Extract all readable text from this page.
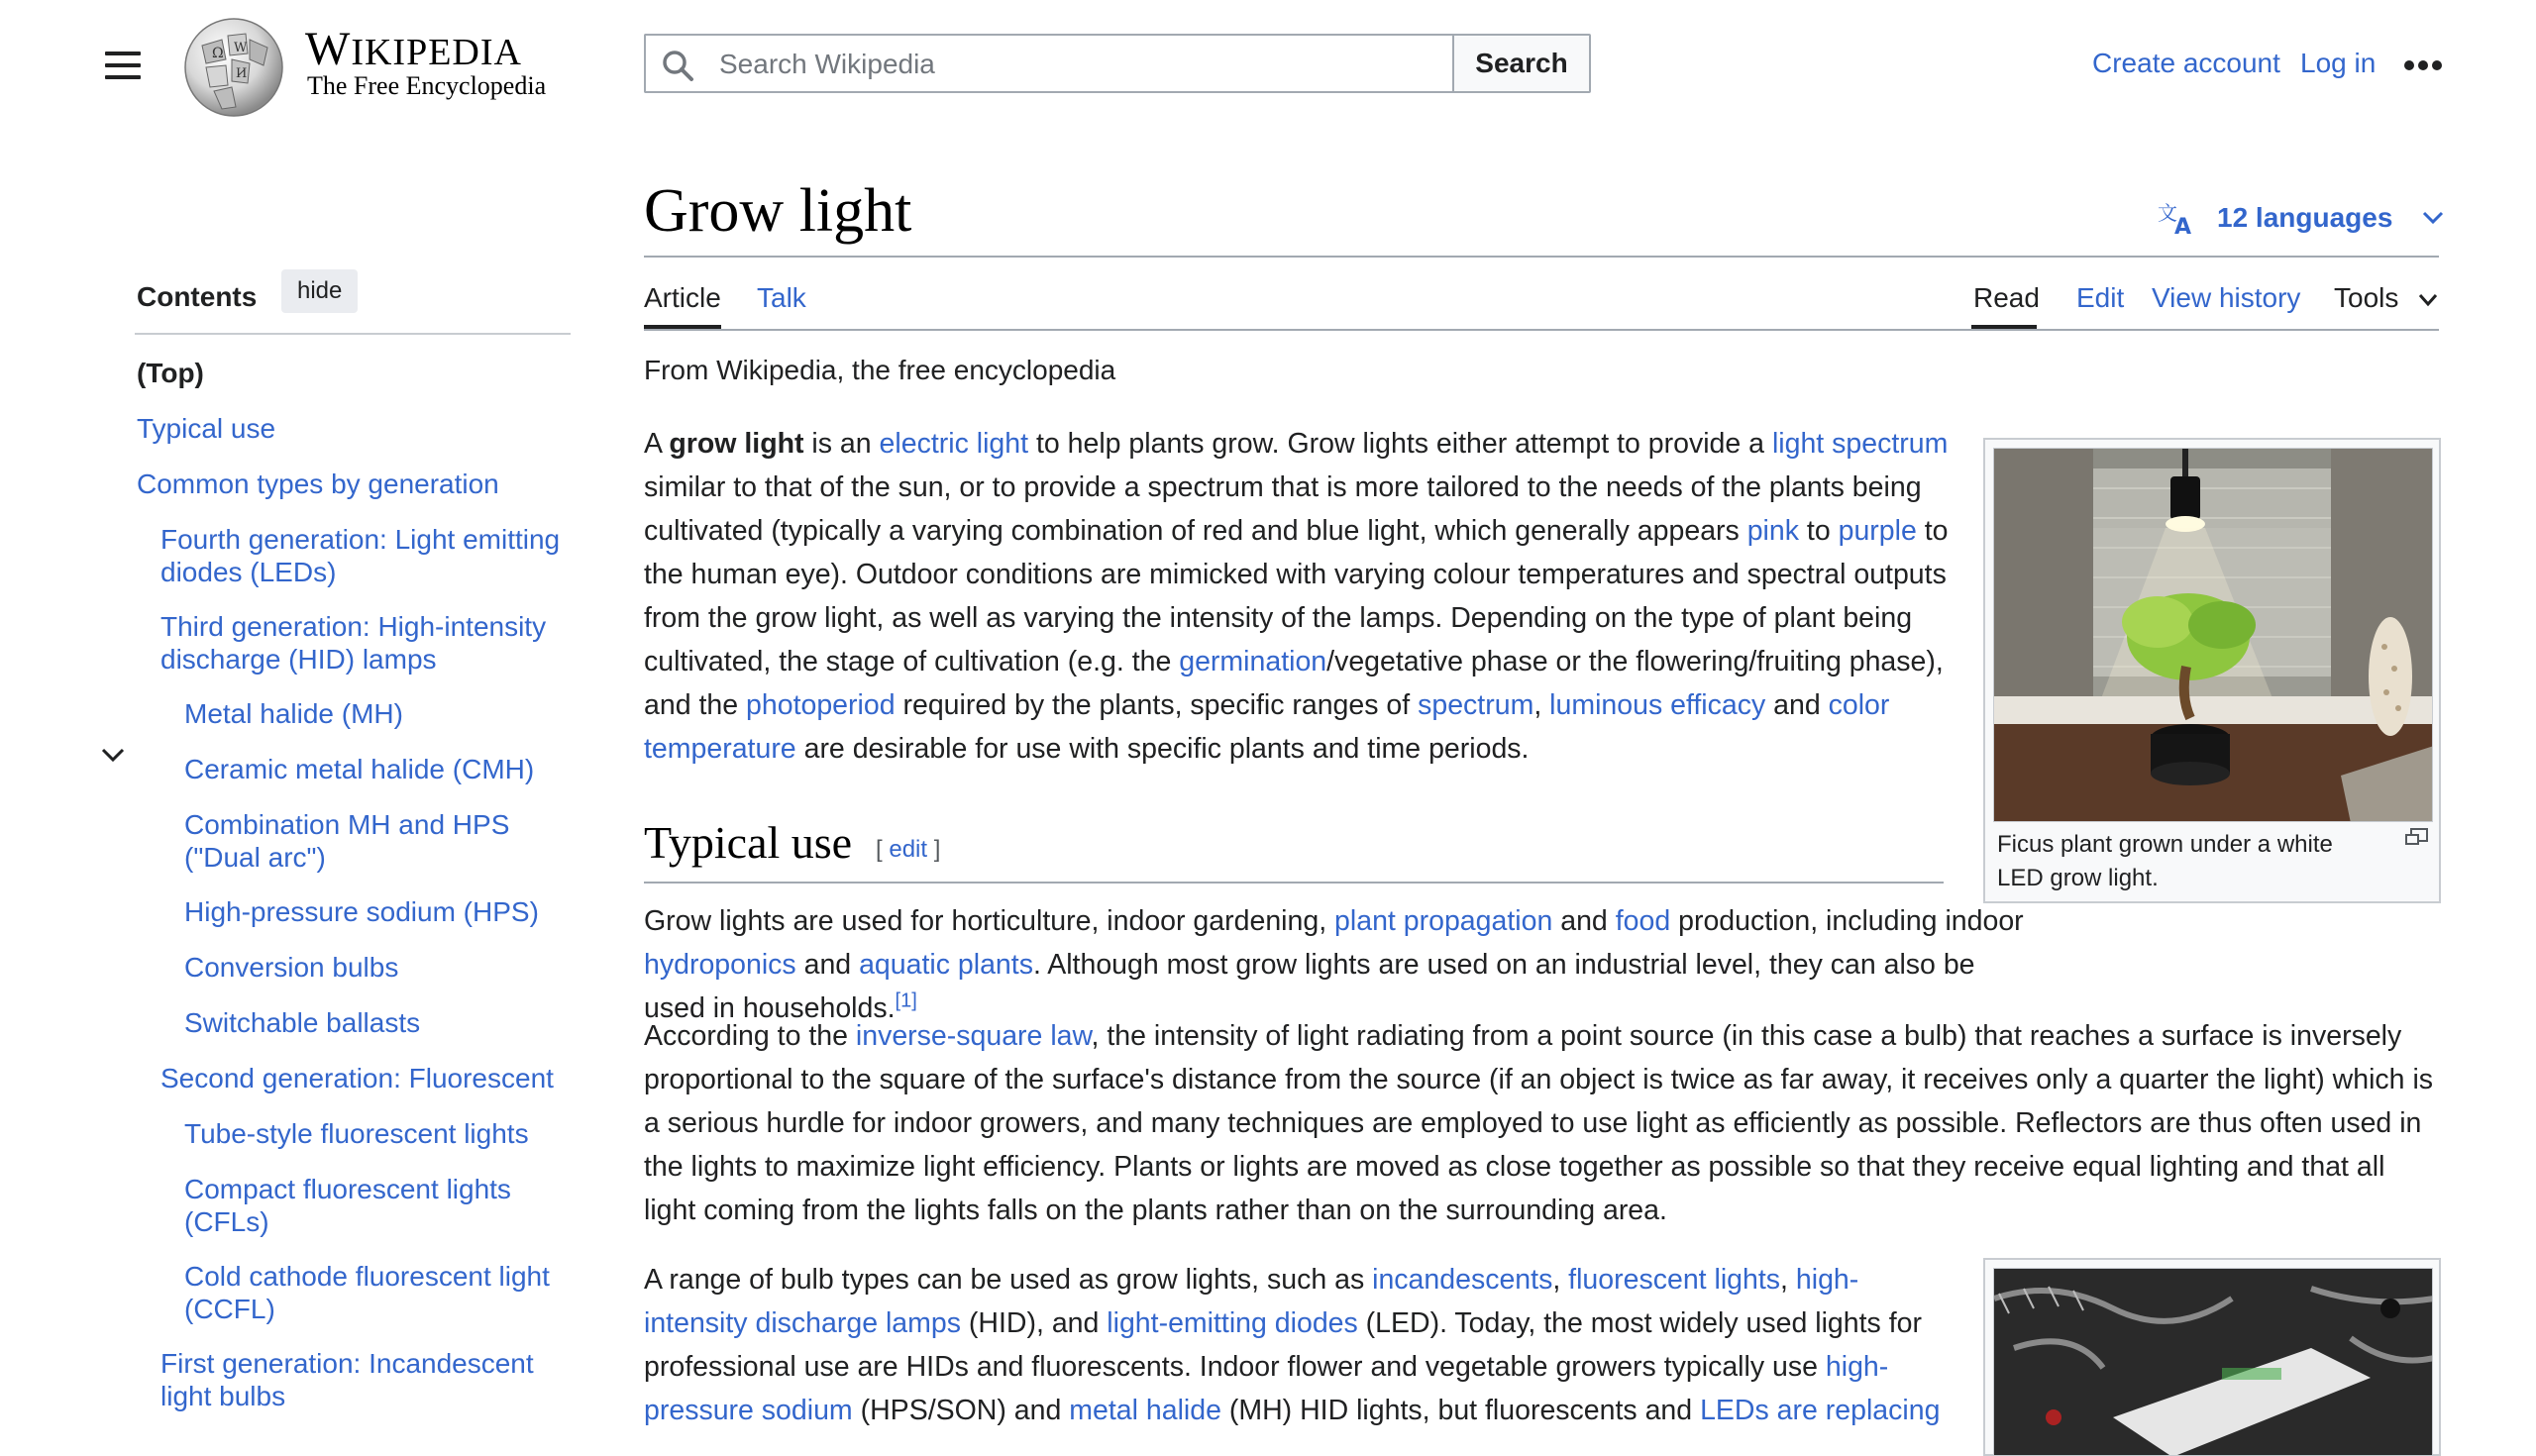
Ω W
И WIKIPEDIA
The Free Encyclopedia
Search Wikipedia
Search	Create account Log in
Contents	hide
(Top)
Typical use
Common types by generation
Fourth generation: Light emitting diodes (LEDs)
Third generation: High-intensity discharge (HID) lamps
Metal halide (MH)
Ceramic metal halide (CMH)
Combination MH and HPS ("Dual arc")
High-pressure sodium (HPS)
Conversion bulbs
Switchable ballasts
Second generation: Fluorescent
Tube-style fluorescent lights
Compact fluorescent lights (CFLs)
Cold cathode fluorescent light (CCFL)
First generation: Incandescent light bulbs
Grow light	文
A 12 languages
Article Talk	Read Edit View history Tools
From Wikipedia, the free encyclopedia
Ficus plant grown under a white LED grow light.

A grow light is an electric light to help plants grow. Grow lights either attempt to provide a light spectrum similar to that of the sun, or to provide a spectrum that is more tailored to the needs of the plants being cultivated (typically a varying combination of red and blue light, which generally appears pink to purple to the human eye). Outdoor conditions are mimicked with varying colour temperatures and spectral outputs from the grow light, as well as varying the intensity of the lamps. Depending on the type of plant being cultivated, the stage of cultivation (e.g. the germination/vegetative phase or the flowering/fruiting phase), and the photoperiod required by the plants, specific ranges of spectrum, luminous efficacy and color temperature are desirable for use with specific plants and time periods.

Typical use [ edit ]

Grow lights are used for horticulture, indoor gardening, plant propagation and food production, including indoor hydroponics and aquatic plants. Although most grow lights are used on an industrial level, they can also be used in households.[1]

According to the inverse-square law, the intensity of light radiating from a point source (in this case a bulb) that reaches a surface is inversely proportional to the square of the surface's distance from the source (if an object is twice as far away, it receives only a quarter the light) which is a serious hurdle for indoor growers, and many techniques are employed to use light as efficiently as possible. Reflectors are thus often used in the lights to maximize light efficiency. Plants or lights are moved as close together as possible so that they receive equal lighting and that all light coming from the lights falls on the plants rather than on the surrounding area.

A range of bulb types can be used as grow lights, such as incandescents, fluorescent lights, high-intensity discharge lamps (HID), and light-emitting diodes (LED). Today, the most widely used lights for professional use are HIDs and fluorescents. Indoor flower and vegetable growers typically use high-pressure sodium (HPS/SON) and metal halide (MH) HID lights, but fluorescents and LEDs are replacing
